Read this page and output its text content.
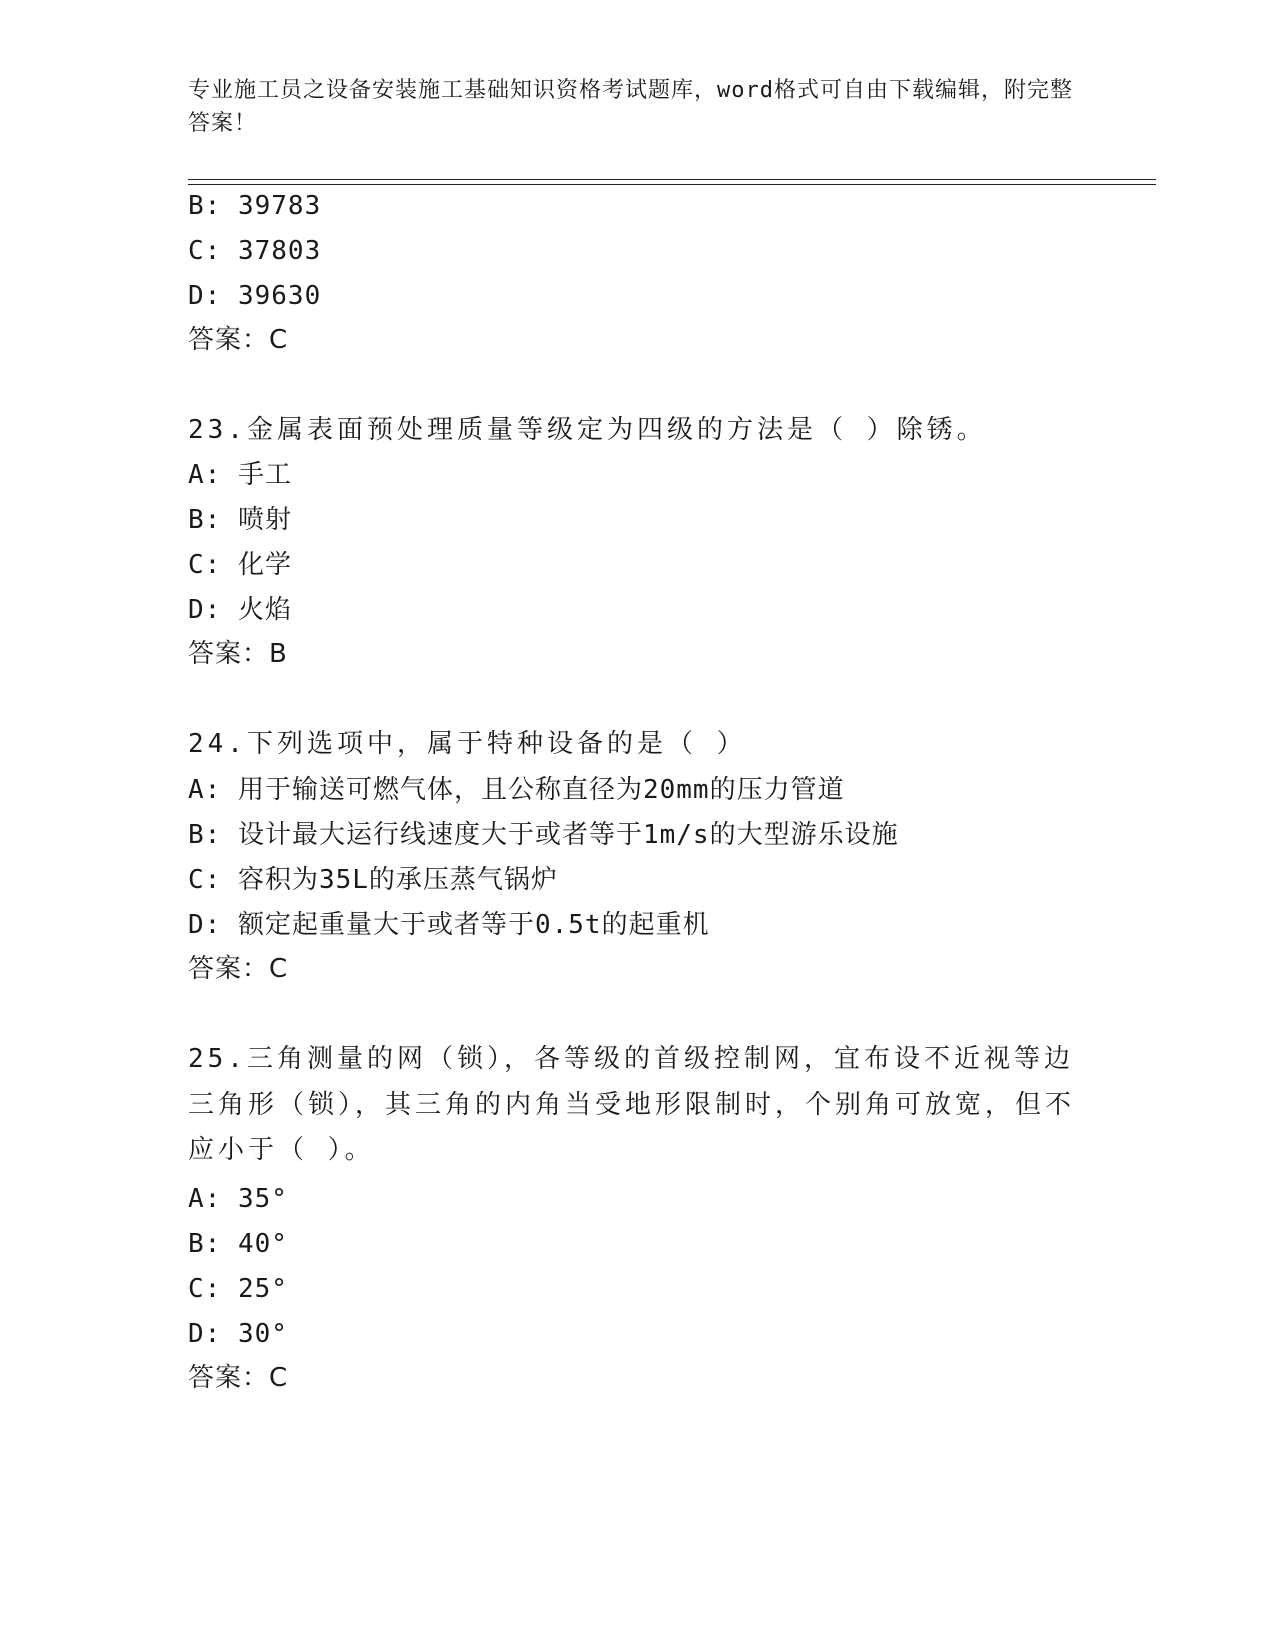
专业施工员之设备安装施工基础知识资格考试题库，word格式可自由下载编辑，附完整答案！
B: 39783
C: 37803
D: 39630
答案：C
23.金属表面预处理质量等级定为四级的方法是（ ）除锈。
A: 手工
B: 喷射
C: 化学
D: 火焰
答案：B
24.下列选项中，属于特种设备的是（ ）
A: 用于输送可燃气体，且公称直径为20mm的压力管道
B: 设计最大运行线速度大于或者等于1m/s的大型游乐设施
C: 容积为35L的承压蒸气锅炉
D: 额定起重量大于或者等于0.5t的起重机
答案：C
25.三角测量的网（锁），各等级的首级控制网，宜布设不近视等边三角形（锁），其三角的内角当受地形限制时，个别角可放宽，但不应小于（ ）。
A: 35°
B: 40°
C: 25°
D: 30°
答案：C
